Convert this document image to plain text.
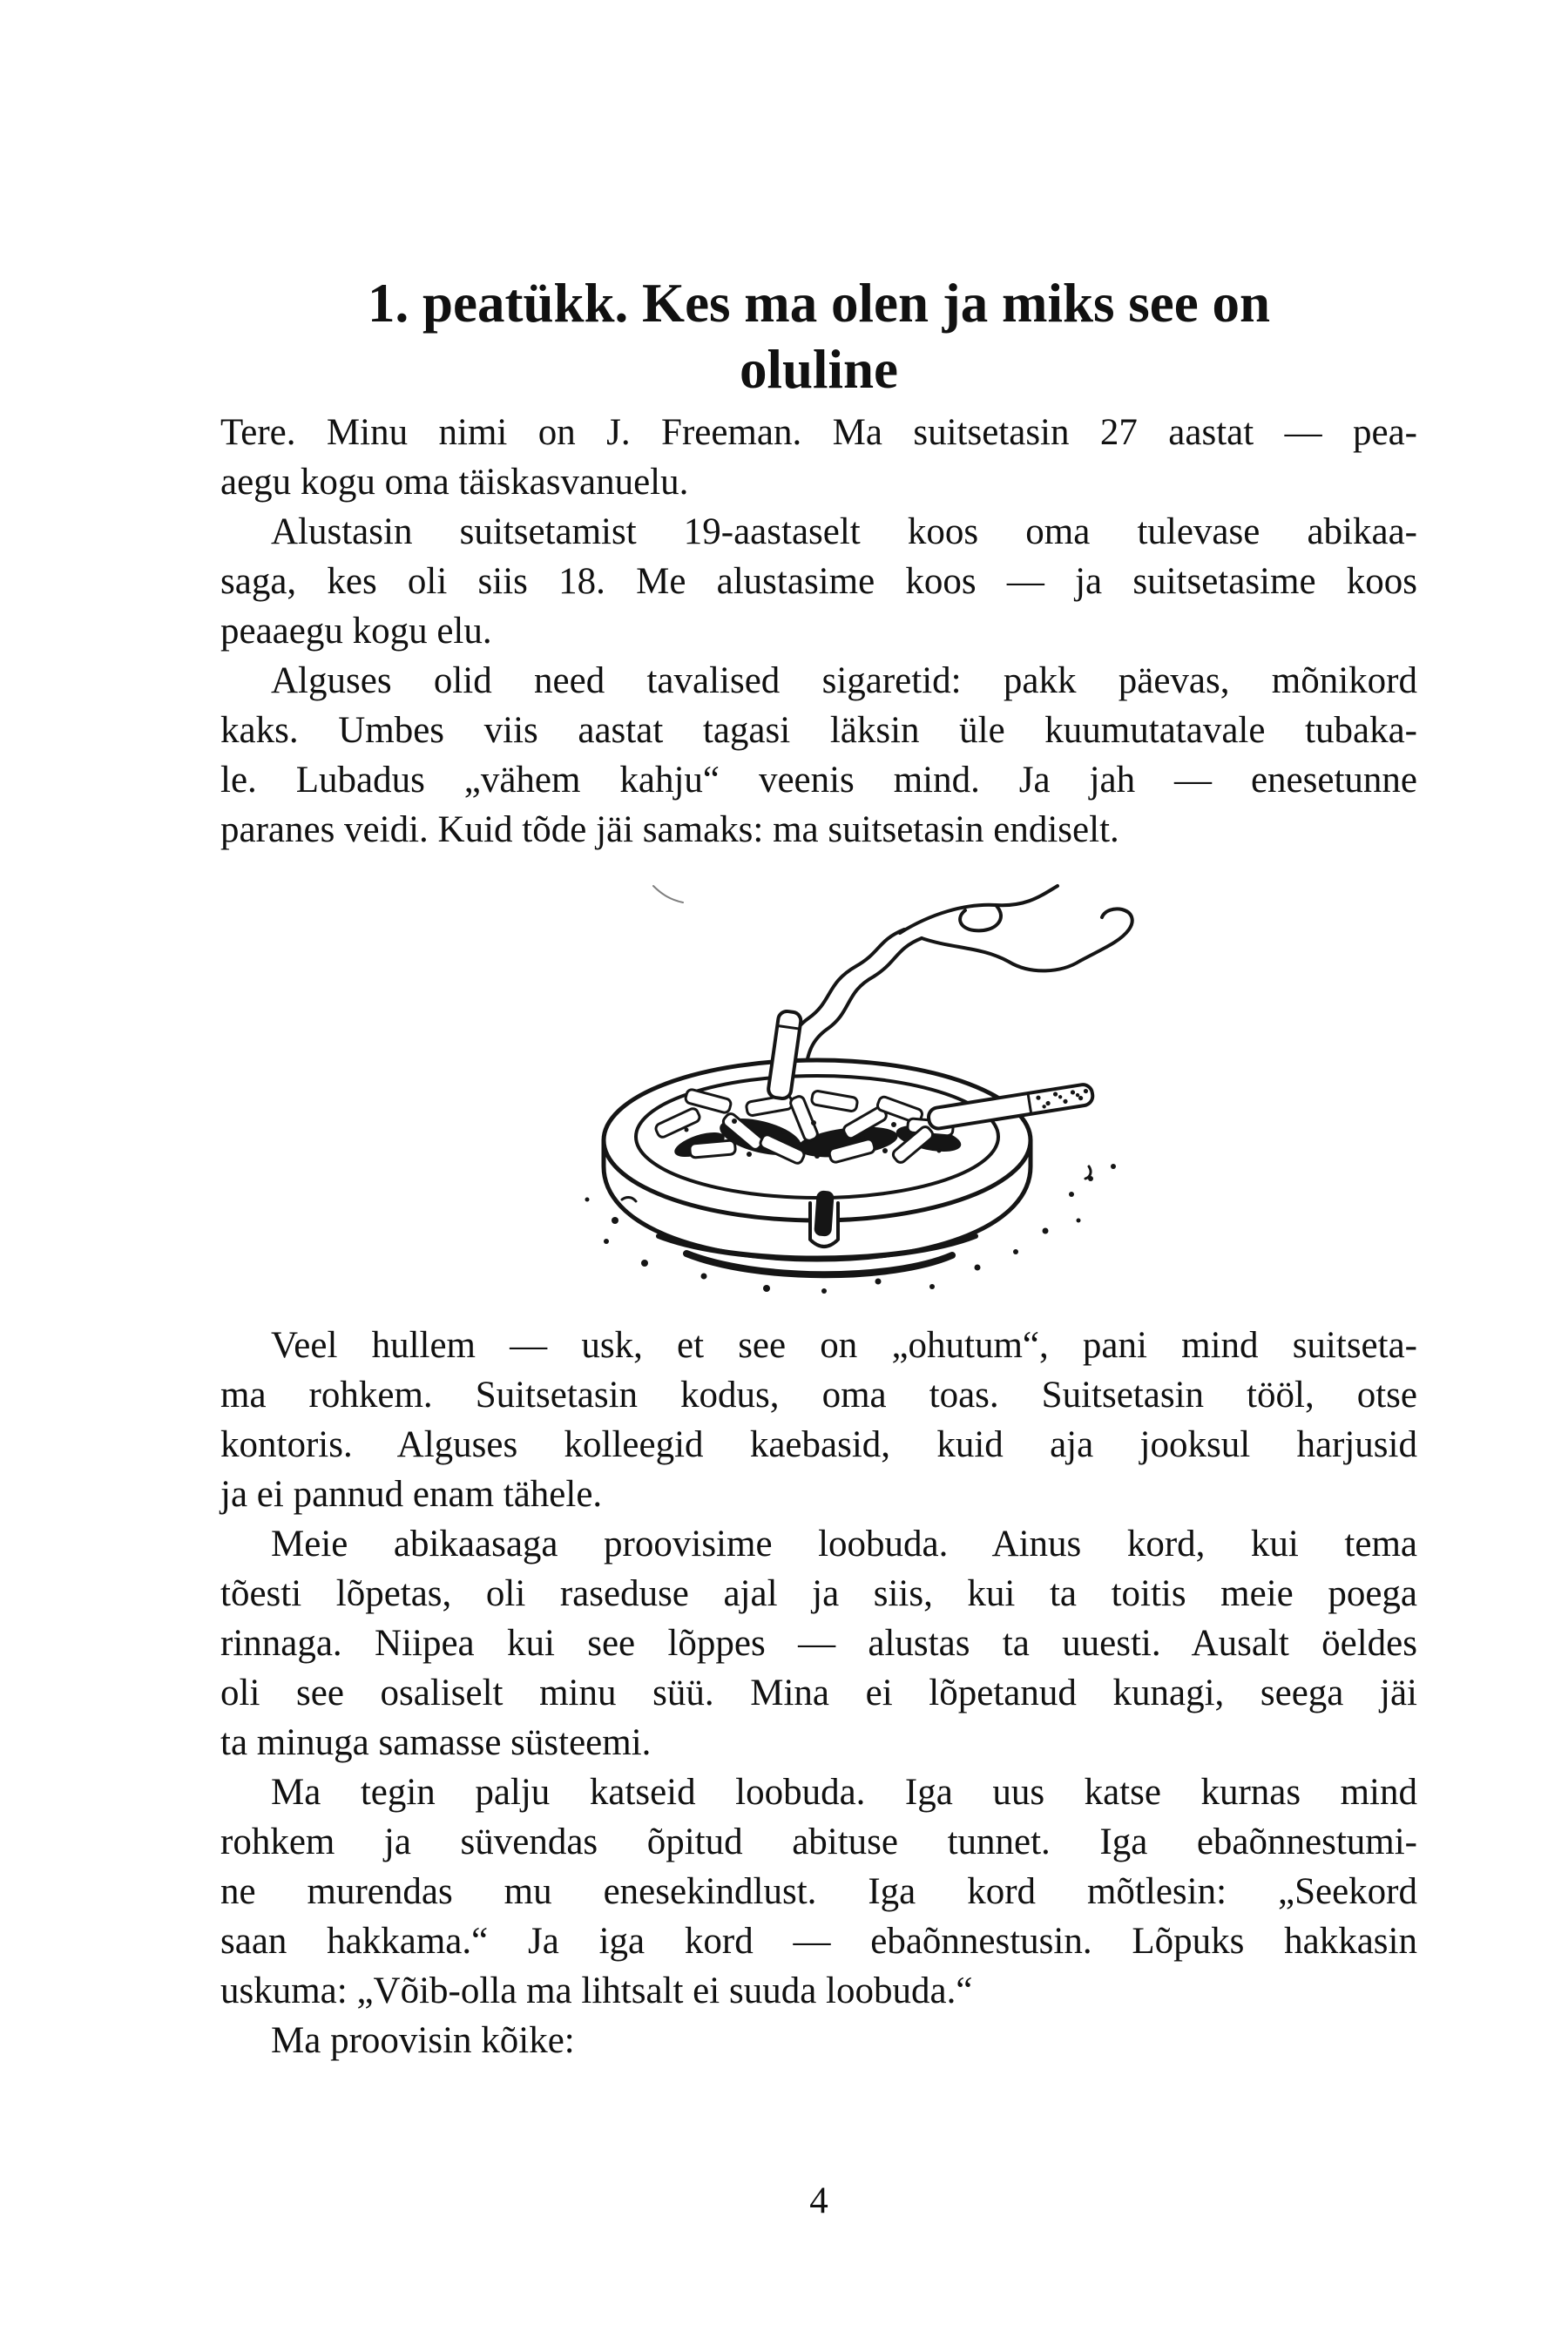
1. peatükk. Kes ma olen ja miks see on
oluline

Tere. Minu nimi on J. Freeman. Ma suitsetasin 27 aastat — pea-
aegu kogu oma täiskasvanuelu.

Alustasin suitsetamist 19-aastaselt koos oma tulevase abikaa-
saga, kes oli siis 18. Me alustasime koos — ja suitsetasime koos
peaaegu kogu elu.

Alguses olid need tavalised sigaretid: pakk päevas, mõnikord
kaks. Umbes viis aastat tagasi läksin üle kuumutatavale tubaka-
le. Lubadus „vähem kahju“ veenis mind. Ja jah — enesetunne
paranes veidi. Kuid tõde jäi samaks: ma suitsetasin endiselt.

Veel hullem — usk, et see on „ohutum“, pani mind suitseta-
ma rohkem. Suitsetasin kodus, oma toas. Suitsetasin tööl, otse
kontoris. Alguses kolleegid kaebasid, kuid aja jooksul harjusid
ja ei pannud enam tähele.

Meie abikaasaga proovisime loobuda. Ainus kord, kui tema
tõesti lõpetas, oli raseduse ajal ja siis, kui ta toitis meie poega
rinnaga. Niipea kui see lõppes — alustas ta uuesti. Ausalt öeldes
oli see osaliselt minu süü. Mina ei lõpetanud kunagi, seega jäi
ta minuga samasse süsteemi.

Ma tegin palju katseid loobuda. Iga uus katse kurnas mind
rohkem ja süvendas õpitud abituse tunnet. Iga ebaõnnestumi-
ne murendas mu enesekindlust. Iga kord mõtlesin: „Seekord
saan hakkama.“ Ja iga kord — ebaõnnestusin. Lõpuks hakkasin
uskuma: „Võib-olla ma lihtsalt ei suuda loobuda.“

Ma proovisin kõike:

4
